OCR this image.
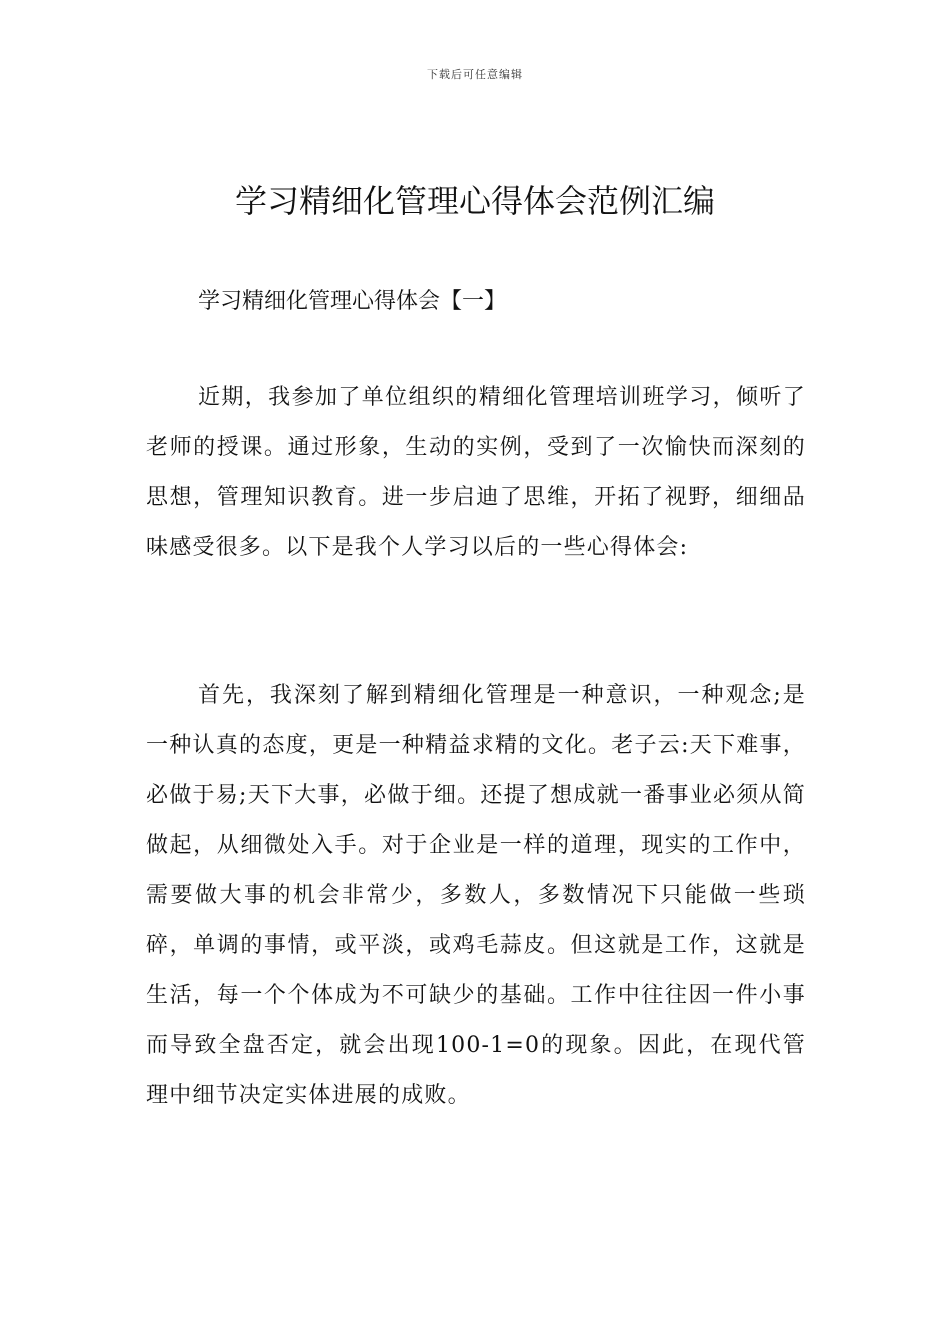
下载后可任意编辑
学习精细化管理心得体会范例汇编
学习精细化管理心得体会【一】

近期，我参加了单位组织的精细化管理培训班学习，倾听了老师的授课。通过形象，生动的实例，受到了一次愉快而深刻的思想，管理知识教育。进一步启迪了思维，开拓了视野，细细品味感受很多。以下是我个人学习以后的一些心得体会:

首先，我深刻了解到精细化管理是一种意识，一种观念;是一种认真的态度，更是一种精益求精的文化。老子云:天下难事，必做于易;天下大事，必做于细。还提了想成就一番事业必须从简做起，从细微处入手。对于企业是一样的道理，现实的工作中，需要做大事的机会非常少，多数人，多数情况下只能做一些琐碎，单调的事情，或平淡，或鸡毛蒜皮。但这就是工作，这就是生活，每一个个体成为不可缺少的基础。工作中往往因一件小事而导致全盘否定，就会出现100-1=0的现象。因此，在现代管理中细节决定实体进展的成败。
